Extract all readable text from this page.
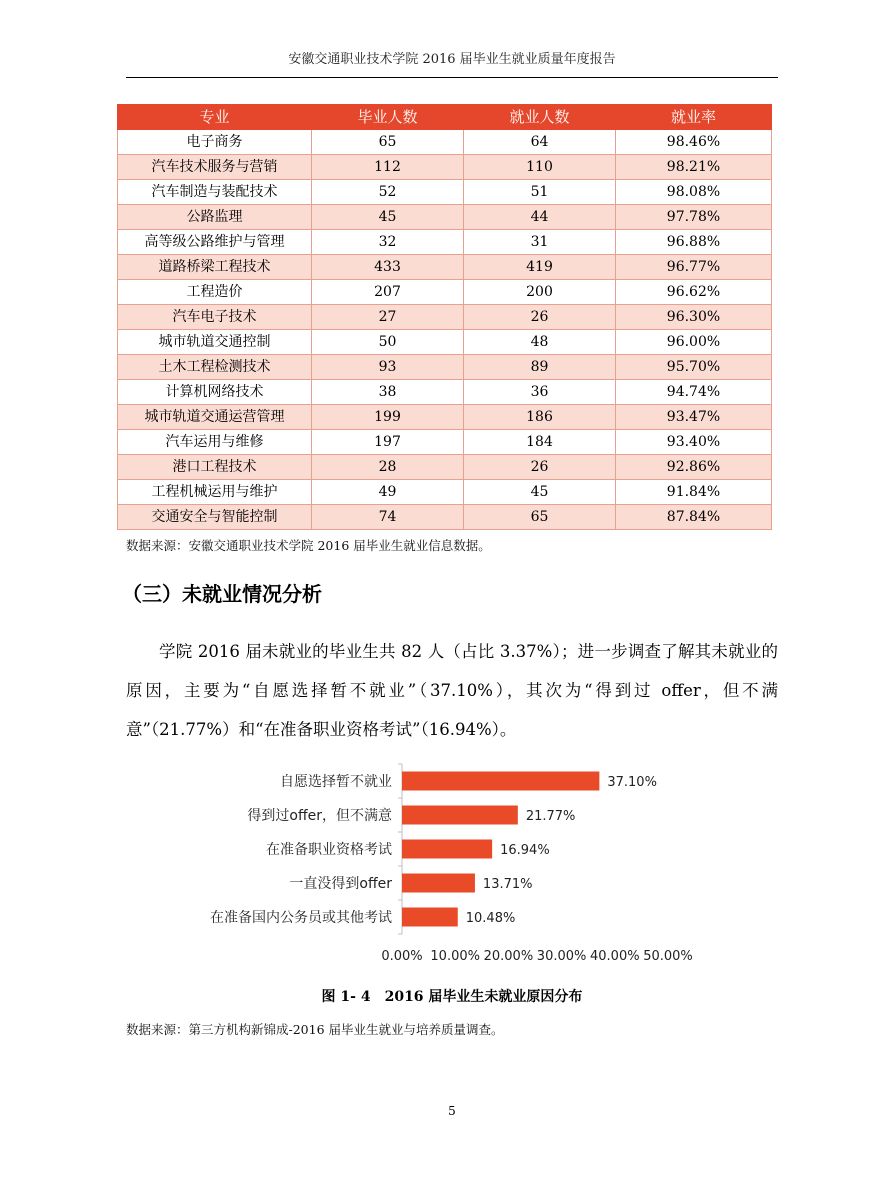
安徽交通职业技术学院 2016 届毕业生就业质量年度报告
专业	毕业人数	就业人数	就业率
电子商务	65	64	98.46%
汽车技术服务与营销	112	110	98.21%
汽车制造与装配技术	52	51	98.08%
公路监理	45	44	97.78%
高等级公路维护与管理	32	31	96.88%
道路桥梁工程技术	433	419	96.77%
工程造价	207	200	96.62%
汽车电子技术	27	26	96.30%
城市轨道交通控制	50	48	96.00%
土木工程检测技术	93	89	95.70%
计算机网络技术	38	36	94.74%
城市轨道交通运营管理	199	186	93.47%
汽车运用与维修	197	184	93.40%
港口工程技术	28	26	92.86%
工程机械运用与维护	49	45	91.84%
交通安全与智能控制	74	65	87.84%
数据来源：安徽交通职业技术学院 2016 届毕业生就业信息数据。
（三）未就业情况分析

学院 2016 届未就业的毕业生共 82 人（占比 3.37%）；进一步调查了解其未就业的原因，主要为“自愿选择暂不就业”（37.10%），其次为“得到过 offer，但不满意”（21.77%）和“在准备职业资格考试”（16.94%）。

自愿选择暂不就业	37.10%
得到过offer，但不满意	21.77%
在准备职业资格考试	16.94%
一直没得到offer	13.71%
在准备国内公务员或其他考试	10.48%
0.00% 10.00% 20.00% 30.00% 40.00% 50.00%
图 1- 4　2016 届毕业生未就业原因分布
数据来源：第三方机构新锦成-2016 届毕业生就业与培养质量调查。
5
